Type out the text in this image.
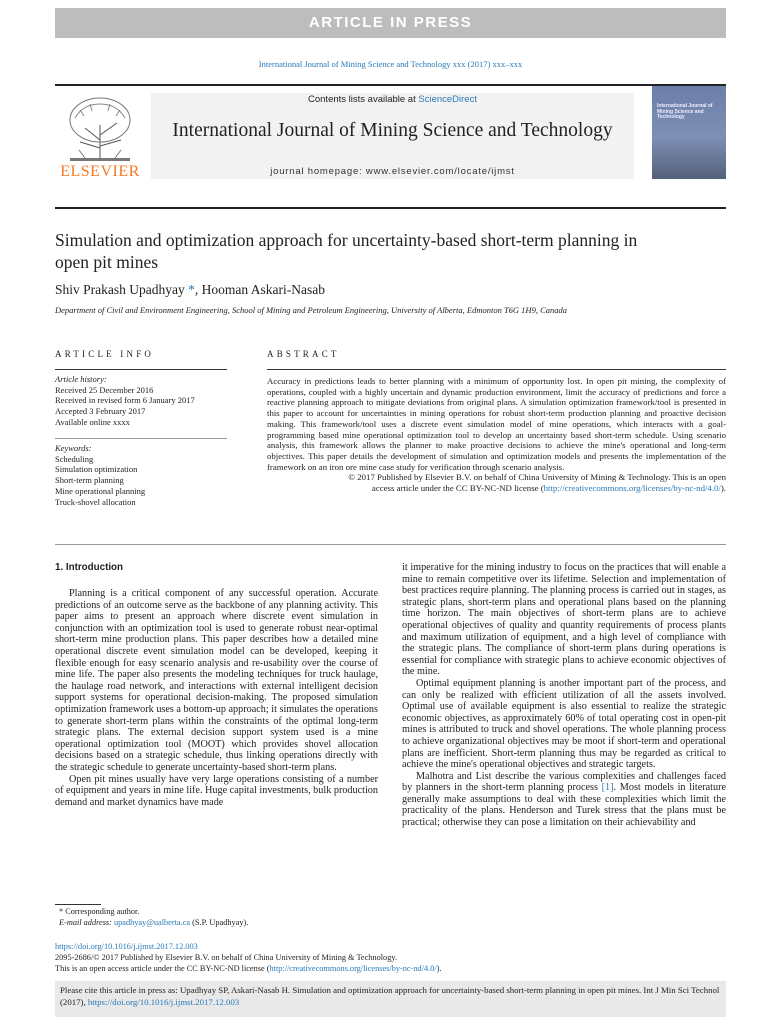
ARTICLE IN PRESS
International Journal of Mining Science and Technology xxx (2017) xxx–xxx
ELSEVIER
Contents lists available at ScienceDirect
International Journal of Mining Science and Technology
journal homepage: www.elsevier.com/locate/ijmst
International Journal of Mining Science and Technology
Simulation and optimization approach for uncertainty-based short-term planning in open pit mines
Shiv Prakash Upadhyay *, Hooman Askari-Nasab
Department of Civil and Environment Engineering, School of Mining and Petroleum Engineering, University of Alberta, Edmonton T6G 1H9, Canada
ARTICLE INFO
Article history:
Received 25 December 2016
Received in revised form 6 January 2017
Accepted 3 February 2017
Available online xxxx
Keywords:
Scheduling
Simulation optimization
Short-term planning
Mine operational planning
Truck-shovel allocation
ABSTRACT
Accuracy in predictions leads to better planning with a minimum of opportunity lost. In open pit mining, the complexity of operations, coupled with a highly uncertain and dynamic production environment, limit the accuracy of predictions and force a reactive planning approach to mitigate deviations from original plans. A simulation optimization framework/tool is presented in this paper to account for uncertainties in mining operations for robust short-term production planning and proactive decision making. This framework/tool uses a discrete event simulation model of mine operations, which interacts with a goal-programming based mine operational optimization tool to develop an uncertainty based short-term schedule. Using scenario analysis, this framework allows the planner to make proactive decisions to achieve the mine's operational and long-term objectives. This paper details the development of simulation and optimization models and presents the implementation of the framework on an iron ore mine case study for verification through scenario analysis.
© 2017 Published by Elsevier B.V. on behalf of China University of Mining & Technology. This is an open
access article under the CC BY-NC-ND license (http://creativecommons.org/licenses/by-nc-nd/4.0/).
1. Introduction

Planning is a critical component of any successful operation. Accurate predictions of an outcome serve as the backbone of any planning activity. This paper aims to present an approach where discrete event simulation in conjunction with an optimization tool is used to generate robust near-optimal short-term mine production plans. This paper describes how a detailed mine operational discrete event simulation model can be developed, keeping it flexible enough for easy scenario analysis and re-usability over the course of mine life. The paper also presents the modeling techniques for truck haulage, the haulage road network, and interactions with external intelligent decision support systems for operational decision-making. The proposed simulation optimization framework uses a bottom-up approach; it simulates the operations to generate short-term plans within the constraints of the optimal long-term strategic plans. The external decision support system used is a mine operational optimization tool (MOOT) which provides shovel allocation decisions based on a strategic schedule, thus linking operations directly with the strategic schedule to generate uncertainty-based short-term plans.

Open pit mines usually have very large operations consisting of a number of equipment and years in mine life. Huge capital investments, bulk production demand and market dynamics have made

it imperative for the mining industry to focus on the practices that will enable a mine to remain competitive over its lifetime. Selection and implementation of best practices require planning. The planning process is carried out in stages, as strategic plans, short-term plans and operational plans based on the planning time horizon. The main objectives of short-term plans are to achieve operational objectives of quality and quantity requirements of process plants and maximum utilization of equipment, and a high level of compliance with the strategic plans. The compliance of short-term plans during operations is essential for compliance with strategic plans to achieve economic objectives of the mine.

Optimal equipment planning is another important part of the process, and can only be realized with efficient utilization of all the assets involved. Optimal use of available equipment is also essential to realize the strategic economic objectives, as approximately 60% of total operating cost in open-pit mines is attributed to truck and shovel operations. The whole planning process to achieve organizational objectives may be moot if short-term and operational plans are inefficient. Short-term planning thus may be regarded as critical to achieve the mine's operational objectives and strategic targets.

Malhotra and List describe the various complexities and challenges faced by planners in the short-term planning process [1]. Most models in literature generally make assumptions to deal with these complexities which limit the practicality of the plans. Henderson and Turek stress that the plans must be practical; otherwise they can pose a limitation on their achievability and

* Corresponding author.
E-mail address: upadhyay@ualberta.ca (S.P. Upadhyay).
https://doi.org/10.1016/j.ijmst.2017.12.003
2095-2686/© 2017 Published by Elsevier B.V. on behalf of China University of Mining & Technology.
This is an open access article under the CC BY-NC-ND license (http://creativecommons.org/licenses/by-nc-nd/4.0/).
Please cite this article in press as: Upadhyay SP, Askari-Nasab H. Simulation and optimization approach for uncertainty-based short-term planning in open pit mines. Int J Min Sci Technol (2017), https://doi.org/10.1016/j.ijmst.2017.12.003
